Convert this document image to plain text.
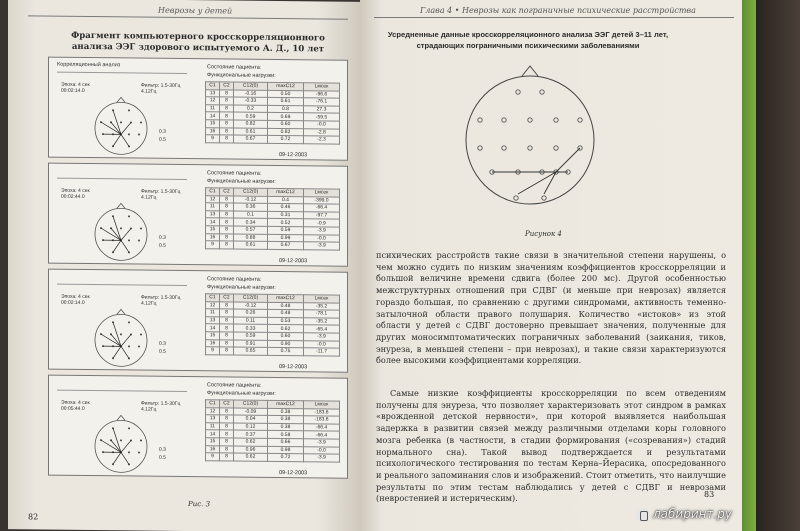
Неврозы у детей
Фрагмент компьютерного кросскорреляционного анализа ЭЭГ здорового испытуемого А. Д., 10 лет
Корреляционный анализ
Эпоха: 4 сек
00:02:14.0
Фильтр: 1.5-30Гц
4.12Гц
0.3
0.5
Состояние пациента:
Функциональные нагрузки:
C1	C2	C12(0)	maxC12	Lмсек
13	8	-0.16	0.50	-96.6
12	8	-0.33	0.61	-76.1
11	8	0.2	0.8	27.3
14	8	0.59	0.69	-59.5
15	8	0.82	0.60	-0.0
16	8	0.61	0.82	-2.8
9	8	0.67	0.72	-2.3
09-12-2003
Эпоха: 4 сек
00:02:44.0
Фильтр: 1.5-30Гц
4.12Гц
0.3
0.5
Состояние пациента:
Функциональные нагрузки:
C1	C2	C12(0)	maxC12	Lмсек
12	8	-0.12	0.4	-399.0
11	8	0.36	0.46	-66.4
13	8	0.1	0.31	-97.7
14	8	0.34	0.52	-0.9
15	8	0.57	0.59	-3.9
16	8	0.88	0.99	-0.0
9	8	0.61	0.67	-3.9
09-12-2003
Эпоха: 4 сек
00:02:14.0
Фильтр: 1.5-30Гц
4.12Гц
0.3
0.5
Состояние пациента:
Функциональные нагрузки:
C1	C2	C12(0)	maxC12	Lмсек
12	8	-0.12	0.48	-35.2
11	8	0.26	0.48	-78.1
13	8	0.11	0.53	-35.2
14	8	0.33	0.62	-65.4
15	8	0.59	0.60	-3.9
16	8	0.91	0.90	-0.0
9	8	0.65	0.75	-11.7
09-12-2003
Эпоха: 4 сек
00:05:44.0
Фильтр: 1.5-30Гц
4.12Гц
0.3
0.5
Состояние пациента:
Функциональные нагрузки:
C1	C2	C12(0)	maxC12	Lмсек
12	8	-0.09	0.38	-183.6
13	8	0.04	0.38	-183.6
11	8	0.12	0.38	-66.4
14	8	0.37	0.58	-66.4
15	8	0.62	0.66	-3.9
16	8	0.96	0.98	-0.0
9	8	0.62	0.72	-3.9
09-12-2003
Рис. 3
82
Глава 4 • Неврозы как пограничные психические расстройства
Усредненные данные кросскорреляционного анализа ЭЭГ детей 3–11 лет, страдающих пограничными психическими заболеваниями
Рисунок 4

психических расстройств такие связи в значительной степени нарушены, о чем можно судить по низким значениям коэффициентов кросскорреляции и большой величине времени сдвига (более 200 мс). Другой особенностью межструктурных отношений при СДВГ (и меньше при неврозах) является гораздо большая, по сравнению с другими синдромами, активность теменно-затылочной области правого полушария. Количество «истоков» из этой области у детей с СДВГ достоверно превышает значения, полученные для других моносимптоматических пограничных заболеваний (заикания, тиков, энуреза, в меньшей степени – при неврозах), и такие связи характеризуются более высокими коэффициентами корреляции.

Самые низкие коэффициенты кросскорреляции по всем отведениям получены для энуреза, что позволяет характеризовать этот синдром в рамках «врожденной детской нервности», при которой выявляется наибольшая задержка в развитии связей между различными отделами коры головного мозга ребенка (в частности, в стадии формирования («созревания») стадий нормального сна). Такой вывод подтверждается и результатами психологического тестирования по тестам Керна–Йерасика, опосредованного и реального запоминания слов и изображений. Стоит отметить, что наилучшие результаты по этим тестам наблюдались у детей с СДВГ и неврозами (невростенией и истерическим).	83
лабиринт.ру
